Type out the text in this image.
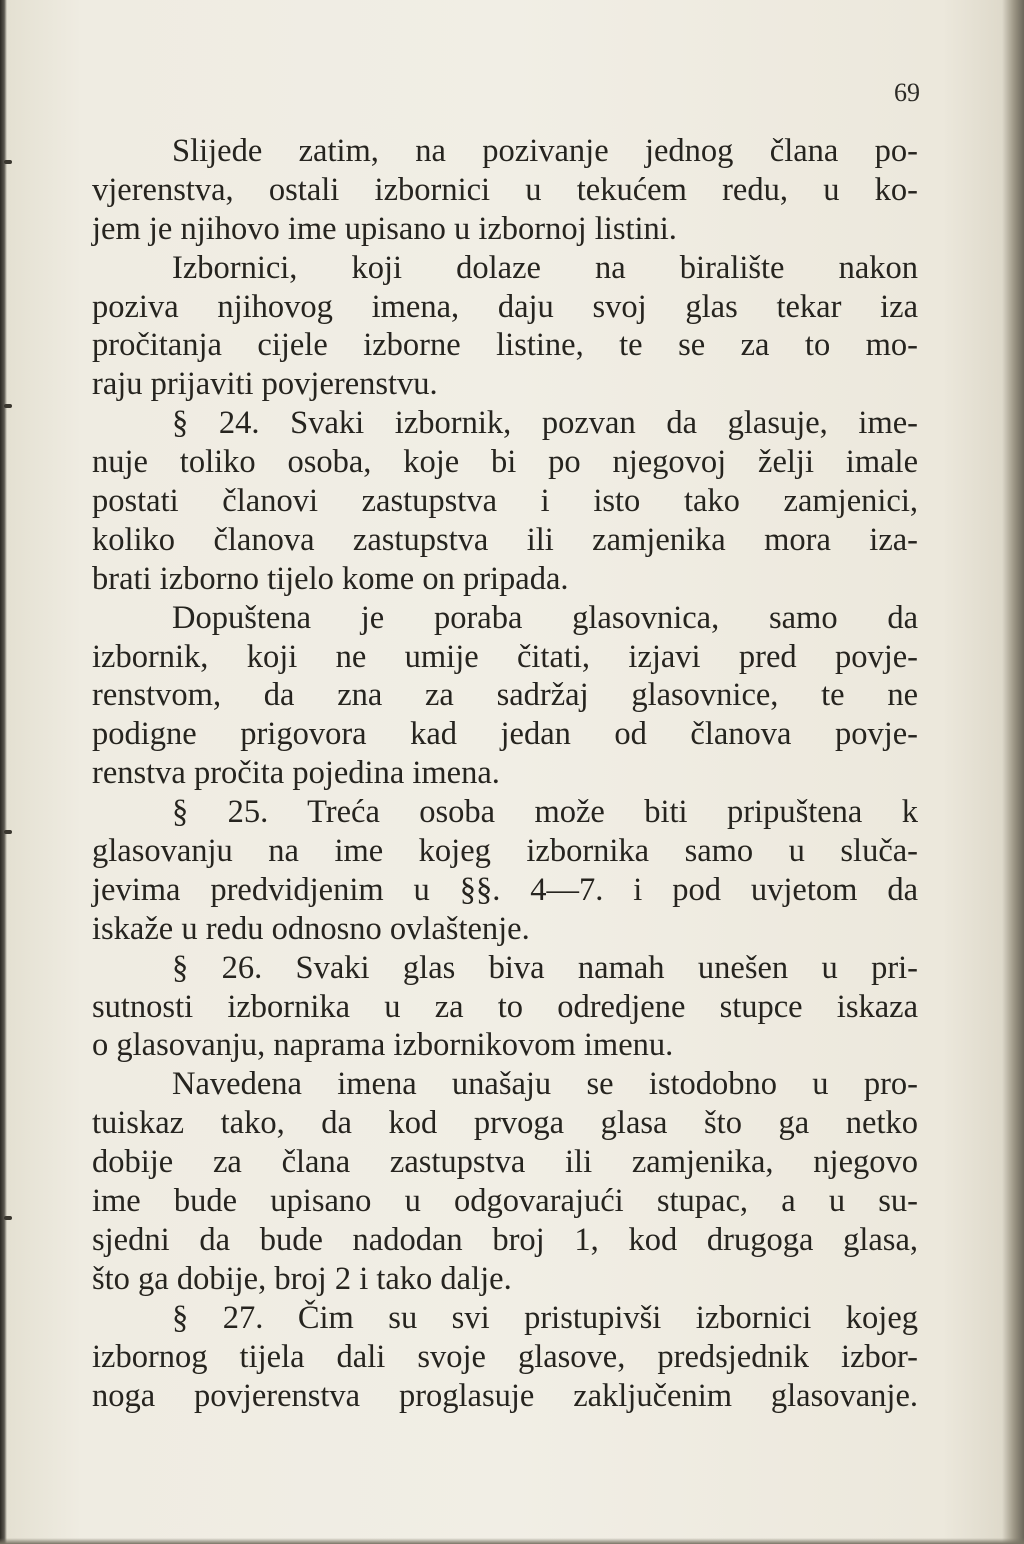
69
Slijede zatim, na pozivanje jednog člana po-
vjerenstva, ostali izbornici u tekućem redu, u ko-
jem je njihovo ime upisano u izbornoj listini.
Izbornici, koji dolaze na biralište nakon
poziva njihovog imena, daju svoj glas tekar iza
pročitanja cijele izborne listine, te se za to mo-
raju prijaviti povjerenstvu.
§ 24. Svaki izbornik, pozvan da glasuje, ime-
nuje toliko osoba, koje bi po njegovoj želji imale
postati članovi zastupstva i isto tako zamjenici,
koliko članova zastupstva ili zamjenika mora iza-
brati izborno tijelo kome on pripada.
Dopuštena je poraba glasovnica, samo da
izbornik, koji ne umije čitati, izjavi pred povje-
renstvom, da zna za sadržaj glasovnice, te ne
podigne prigovora kad jedan od članova povje-
renstva pročita pojedina imena.
§ 25. Treća osoba može biti pripuštena k
glasovanju na ime kojeg izbornika samo u sluča-
jevima predvidjenim u §§. 4—7. i pod uvjetom da
iskaže u redu odnosno ovlaštenje.
§ 26. Svaki glas biva namah unešen u pri-
sutnosti izbornika u za to odredjene stupce iskaza
o glasovanju, naprama izbornikovom imenu.
Navedena imena unašaju se istodobno u pro-
tuiskaz tako, da kod prvoga glasa što ga netko
dobije za člana zastupstva ili zamjenika, njegovo
ime bude upisano u odgovarajući stupac, a u su-
sjedni da bude nadodan broj 1, kod drugoga glasa,
što ga dobije, broj 2 i tako dalje.
§ 27. Čim su svi pristupivši izbornici kojeg
izbornog tijela dali svoje glasove, predsjednik izbor-
noga povjerenstva proglasuje zaključenim glasovanje.
